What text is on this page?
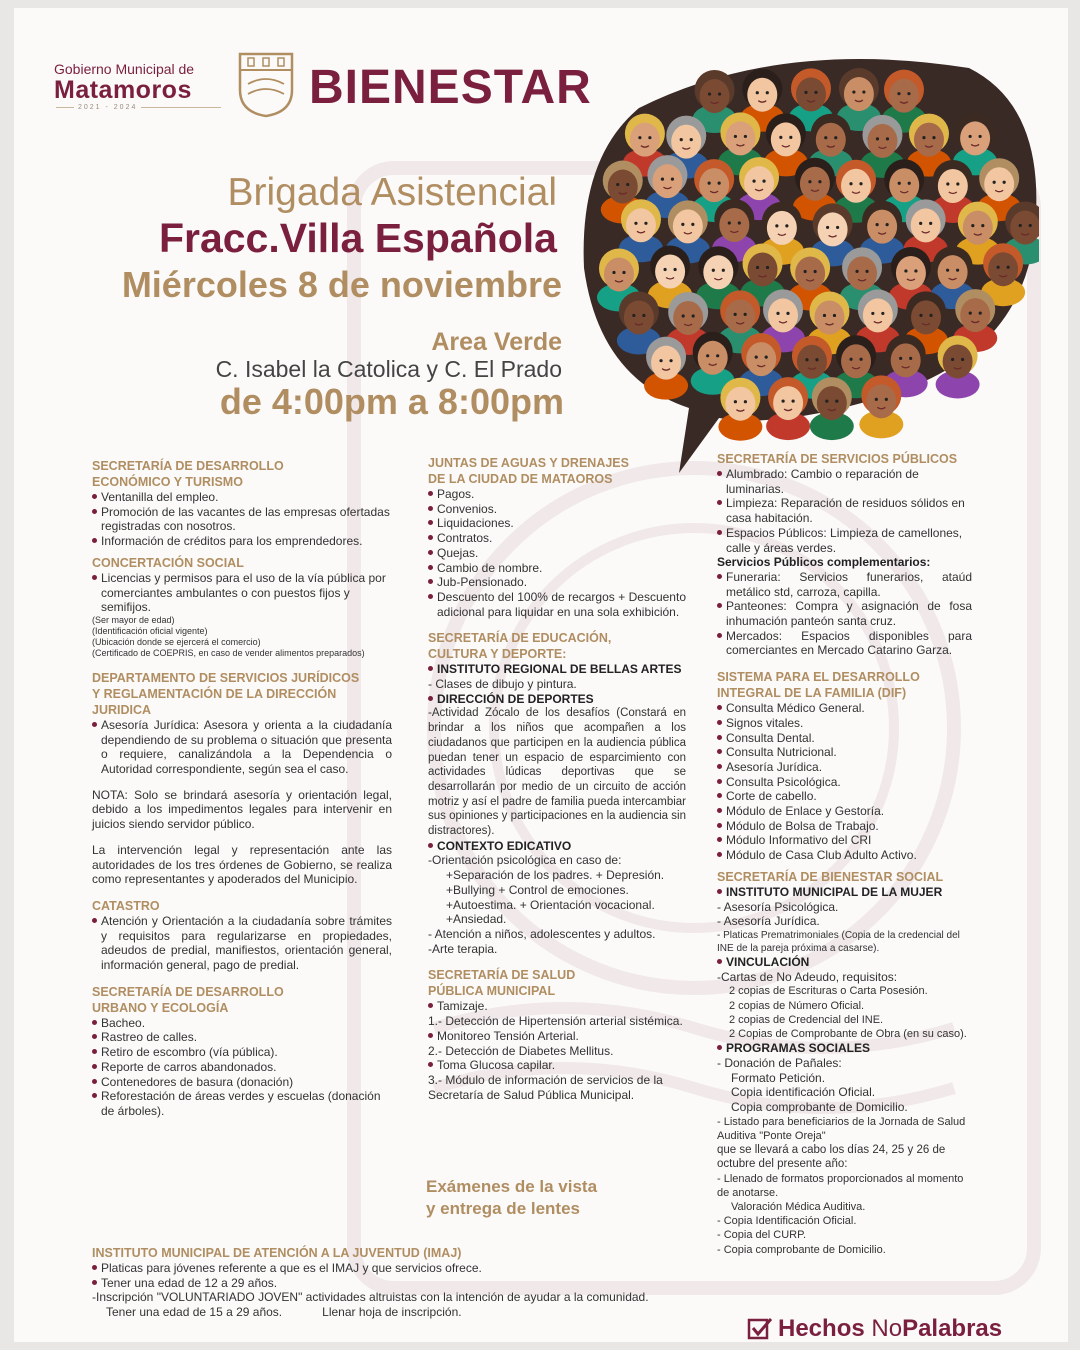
Gobierno Municipal de
Matamoros
2021 - 2024	BIENESTAR
Brigada Asistencial
Fracc.Villa Española
Miércoles 8 de noviembre
Area Verde
C. Isabel la Catolica y C. El Prado
de 4:00pm a 8:00pm
SECRETARÍA DE DESARROLLO
ECONÓMICO Y TURISMO
Ventanilla del empleo.
Promoción de las vacantes de las empresas ofertadas registradas con nosotros.
Información de créditos para los emprendedores.
CONCERTACIÓN SOCIAL
Licencias y permisos para el uso de la vía pública por comerciantes ambulantes o con puestos fijos y semifijos.
(Ser mayor de edad)
(Identificación oficial vigente)
(Ubicación donde se ejercerá el comercio)
(Certificado de COEPRIS, en caso de vender alimentos preparados)
DEPARTAMENTO DE SERVICIOS JURÍDICOS
Y REGLAMENTACIÓN DE LA DIRECCIÓN
JURIDICA
Asesoría Jurídica: Asesora y orienta a la ciudadanía dependiendo de su problema o situación que presenta o requiere, canalizándola a la Dependencia o Autoridad correspondiente, según sea el caso.
NOTA: Solo se brindará asesoría y orientación legal, debido a los impedimentos legales para intervenir en juicios siendo servidor público.
La intervención legal y representación ante las autoridades de los tres órdenes de Gobierno, se realiza como representantes y apoderados del Municipio.
CATASTRO
Atención y Orientación a la ciudadanía sobre trámites y requisitos para regularizarse en propiedades, adeudos de predial, manifiestos, orientación general, información general, pago de predial.
SECRETARÍA DE DESARROLLO
URBANO Y ECOLOGÍA
Bacheo.
Rastreo de calles.
Retiro de escombro (vía pública).
Reporte de carros abandonados.
Contenedores de basura (donación)
Reforestación de áreas verdes y escuelas (donación de árboles).
JUNTAS DE AGUAS Y DRENAJES
DE LA CIUDAD DE MATAOROS
Pagos.
Convenios.
Liquidaciones.
Contratos.
Quejas.
Cambio de nombre.
Jub-Pensionado.
Descuento del 100% de recargos + Descuento adicional para liquidar en una sola exhibición.
SECRETARÍA DE EDUCACIÓN,
CULTURA Y DEPORTE:
INSTITUTO REGIONAL DE BELLAS ARTES
- Clases de dibujo y pintura.
DIRECCIÓN DE DEPORTES
-Actividad Zócalo de los desafíos (Constará en brindar a los niños que acompañen a los ciudadanos que participen en la audiencia pública puedan tener un espacio de esparcimiento con actividades lúdicas deportivas que se desarrollarán por medio de un circuito de acción motriz y así el padre de familia pueda intercambiar sus opiniones y participaciones en la audiencia sin distractores).
CONTEXTO EDICATIVO
-Orientación psicológica en caso de:
+Separación de los padres. + Depresión.
+Bullying + Control de emociones.
+Autoestima. + Orientación vocacional.
+Ansiedad.
- Atención a niños, adolescentes y adultos.
-Arte terapia.
SECRETARÍA DE SALUD
PÚBLICA MUNICIPAL
Tamizaje.
1.- Detección de Hipertensión arterial sistémica.
Monitoreo Tensión Arterial.
2.- Detección de Diabetes Mellitus.
Toma Glucosa capilar.
3.- Módulo de información de servicios de la Secretaría de Salud Pública Municipal.
Exámenes de la vista
y entrega de lentes
SECRETARÍA DE SERVICIOS PÚBLICOS
Alumbrado: Cambio o reparación de luminarias.
Limpieza: Reparación de residuos sólidos en casa habitación.
Espacios Públicos: Limpieza de camellones, calle y áreas verdes.
Servicios Públicos complementarios:
Funeraria: Servicios funerarios, ataúd metálico std, carroza, capilla.
Panteones: Compra y asignación de fosa inhumación panteón santa cruz.
Mercados: Espacios disponibles para comerciantes en Mercado Catarino Garza.
SISTEMA PARA EL DESARROLLO
INTEGRAL DE LA FAMILIA (DIF)
Consulta Médico General.
Signos vitales.
Consulta Dental.
Consulta Nutricional.
Asesoría Jurídica.
Consulta Psicológica.
Corte de cabello.
Módulo de Enlace y Gestoría.
Módulo de Bolsa de Trabajo.
Módulo Informativo del CRI
Módulo de Casa Club Adulto Activo.
SECRETARÍA DE BIENESTAR SOCIAL
INSTITUTO MUNICIPAL DE LA MUJER
- Asesoría Psicológica.
- Asesoría Jurídica.
- Platicas Prematrimoniales (Copia de la credencial del INE de la pareja próxima a casarse).
VINCULACIÓN
-Cartas de No Adeudo, requisitos:
2 copias de Escrituras o Carta Posesión.
2 copias de Número Oficial.
2 copias de Credencial del INE.
2 Copias de Comprobante de Obra (en su caso).
PROGRAMAS SOCIALES
- Donación de Pañales:
Formato Petición.
Copia identificación Oficial.
Copia comprobante de Domicilio.
- Listado para beneficiarios de la Jornada de Salud Auditiva "Ponte Oreja"
que se llevará a cabo los días 24, 25 y 26 de octubre del presente año:
- Llenado de formatos proporcionados al momento de anotarse.
Valoración Médica Auditiva.
- Copia Identificación Oficial.
- Copia del CURP.
- Copia comprobante de Domicilio.
INSTITUTO MUNICIPAL DE ATENCIÓN A LA JUVENTUD (IMAJ)
Platicas para jóvenes referente a que es el IMAJ y que servicios ofrece.
Tener una edad de 12 a 29 años.
-Inscripción "VOLUNTARIADO JOVEN" actividades altruistas con la intención de ayudar a la comunidad.
Tener una edad de 15 a 29 años.	Llenar hoja de inscripción.
Hechos NoPalabras
